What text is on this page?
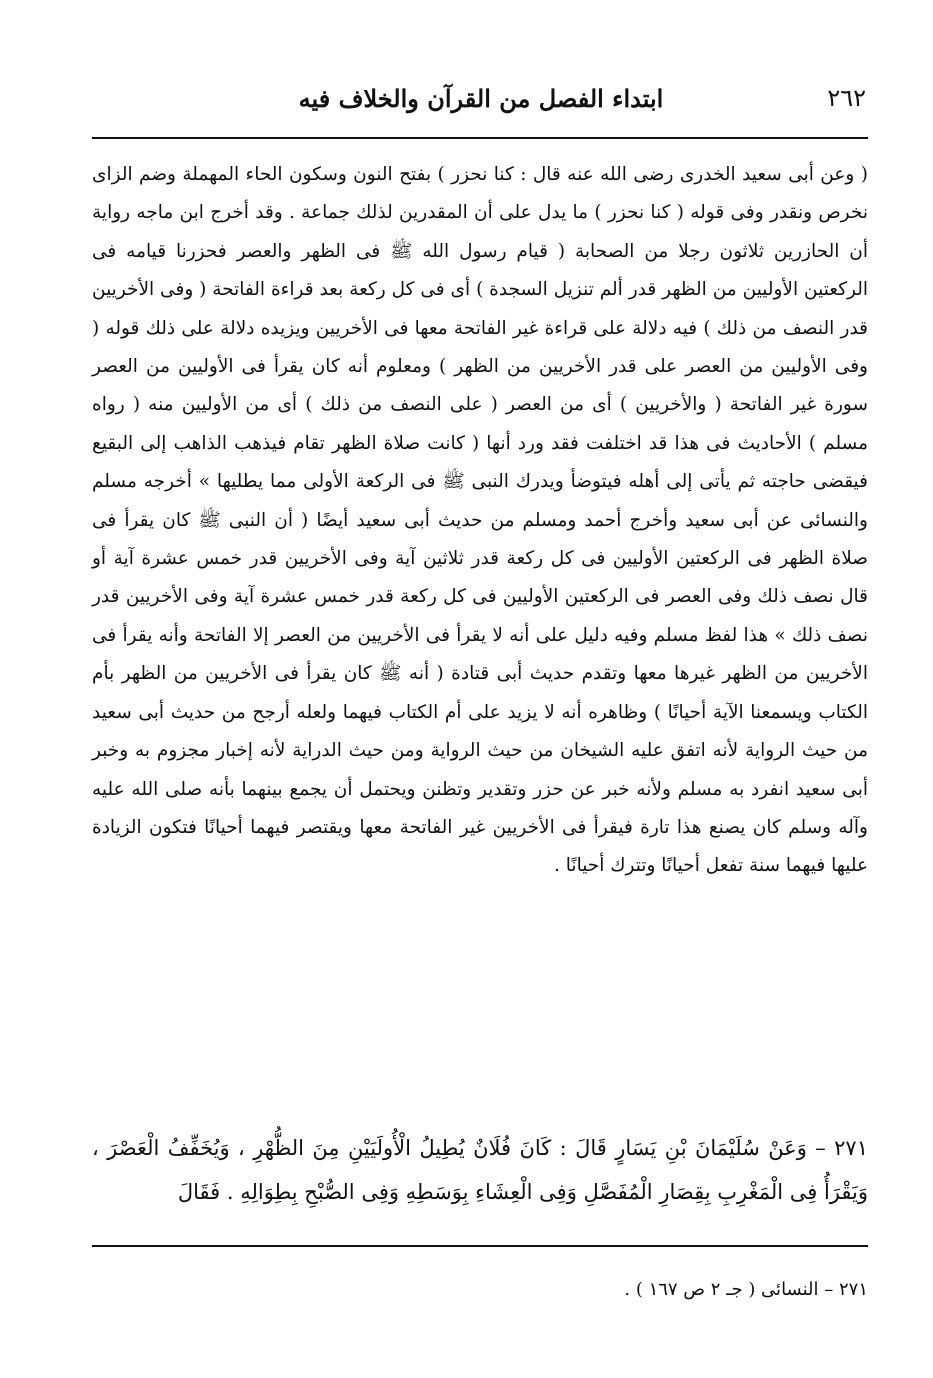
٢٦٢
ابتداء الفصل من القرآن والخلاف فيه

( وعن أبى سعيد الخدرى رضى الله عنه قال : كنا نحزر ) بفتح النون وسكون الحاء المهملة وضم الزاى نخرص ونقدر وفى قوله ( كنا نحزر ) ما يدل على أن المقدرين لذلك جماعة . وقد أخرج ابن ماجه رواية أن الحازرين ثلاثون رجلا من الصحابة ( قيام رسول الله ﷺ فى الظهر والعصر فحزرنا قيامه فى الركعتين الأوليين من الظهر قدر ألم تنزيل السجدة ) أى فى كل ركعة بعد قراءة الفاتحة ( وفى الأخريين قدر النصف من ذلك ) فيه دلالة على قراءة غير الفاتحة معها فى الأخريين ويزيده دلالة على ذلك قوله ( وفى الأوليين من العصر على قدر الأخريين من الظهر ) ومعلوم أنه كان يقرأ فى الأوليين من العصر سورة غير الفاتحة ( والأخريين ) أى من العصر ( على النصف من ذلك ) أى من الأوليين منه ( رواه مسلم ) الأحاديث فى هذا قد اختلفت فقد ورد أنها ( كانت صلاة الظهر تقام فيذهب الذاهب إلى البقيع فيقضى حاجته ثم يأتى إلى أهله فيتوضأ ويدرك النبى ﷺ فى الركعة الأولى مما يطليها » أخرجه مسلم والنسائى عن أبى سعيد وأخرج أحمد ومسلم من حديث أبى سعيد أيضًا ( أن النبى ﷺ كان يقرأ فى صلاة الظهر فى الركعتين الأوليين فى كل ركعة قدر ثلاثين آية وفى الأخريين قدر خمس عشرة آية أو قال نصف ذلك وفى العصر فى الركعتين الأوليين فى كل ركعة قدر خمس عشرة آية وفى الأخريين قدر نصف ذلك » هذا لفظ مسلم وفيه دليل على أنه لا يقرأ فى الأخريين من العصر إلا الفاتحة وأنه يقرأ فى الأخريين من الظهر غيرها معها وتقدم حديث أبى قتادة ( أنه ﷺ كان يقرأ فى الأخريين من الظهر بأم الكتاب ويسمعنا الآية أحيانًا ) وظاهره أنه لا يزيد على أم الكتاب فيهما ولعله أرجح من حديث أبى سعيد من حيث الرواية لأنه اتفق عليه الشيخان من حيث الرواية ومن حيث الدراية لأنه إخبار مجزوم به وخبر أبى سعيد انفرد به مسلم ولأنه خبر عن حزر وتقدير وتظنن ويحتمل أن يجمع بينهما بأنه صلى الله عليه وآله وسلم كان يصنع هذا تارة فيقرأ فى الأخريين غير الفاتحة معها ويقتصر فيهما أحيانًا فتكون الزيادة عليها فيهما سنة تفعل أحيانًا وتترك أحيانًا .

٢٧١ – وَعَنْ سُلَيْمَانَ بْنِ يَسَارٍ قَالَ : كَانَ فُلَانٌ يُطِيلُ الْأُولَيَيْنِ مِنَ الظُّهْرِ ، وَيُخَفِّفُ الْعَصْرَ ، وَيَقْرَأُ فِى الْمَغْرِبِ بِقِصَارِ الْمُفَصَّلِ وَفِى الْعِشَاءِ بِوَسَطِهِ وَفِى الصُّبْحِ بِطِوَالِهِ . فَقَالَ

٢٧١ – النسائى ( جـ ٢ ص ١٦٧ ) .
